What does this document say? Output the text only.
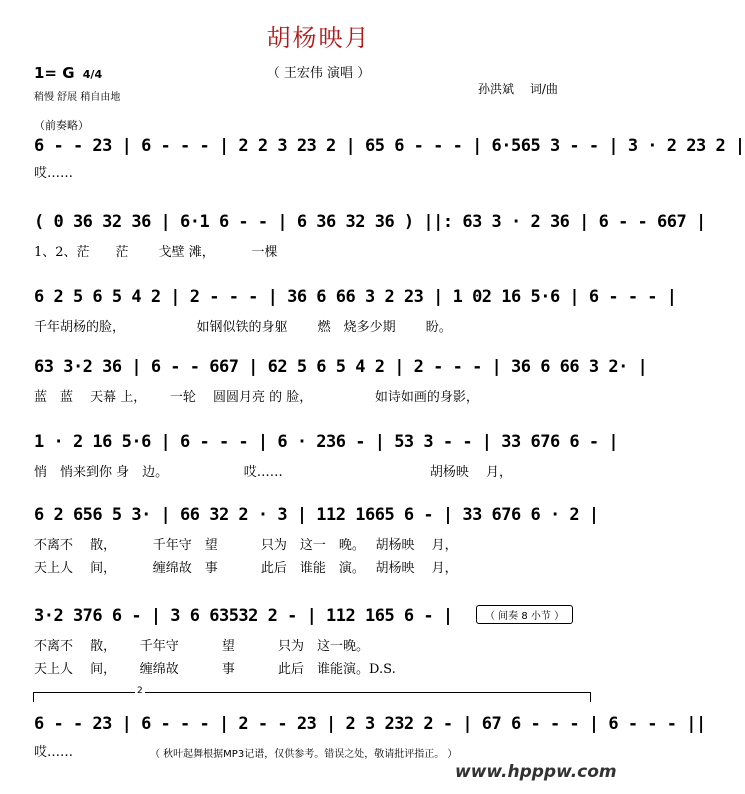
胡杨映月
（ 王宏伟 演唱 ）
1= G 4/4
稍慢 舒展 稍自由地
孙洪斌　 词/曲
（前奏略）
6 - - 23 | 6 - - - | 2 2 3 23 2 | 65 6 - - - | 6·565 3 - - | 3 · 2 23 2 |
哎……
( 0 36 32 36 | 6·1 6 - - | 6 36 32 36 ) ||: 63 3 · 2 36 | 6 - - 667 |
1、2、茫　　茫　　 戈壁 滩，　　　 一棵
6 2 5 6 5 4 2 | 2 - - - | 36 6 66 3 2 23 | 1 02 16 5·6 | 6 - - - |
千年胡杨的脸，　　　　　　如钢似铁的身躯　　 燃　烧多少期　　 盼。
63 3·2 36 | 6 - - 667 | 62 5 6 5 4 2 | 2 - - - | 36 6 66 3 2· |
蓝　蓝　 天幕 上，　　 一轮　 圆圆月亮 的 脸，　　　　　 如诗如画的身影，
1 · 2 16 5·6 | 6 - - - | 6 · 236 - | 53 3 - - | 33 676 6 - |
悄　悄来到你 身　边。　　　　　　 哎……　　　　　　　　　　　 胡杨映　 月，
6 2 656 5 3· | 66 32 2 · 3 | 112 1665 6 - | 33 676 6 · 2 |
不离不　 散，　　　 千年守　望　　　 只为　这一　晚。　 胡杨映　 月，
天上人　 间，　　　 缠绵故　事　　　 此后　谁能　演。　 胡杨映　 月，
3·2 376 6 - | 3 6 63532 2 - | 112 165 6 - |
不离不　 散，　　 千年守　　　 望　　　 只为　这一晚。
天上人　 间，　　 缠绵故　　　 事　　　 此后　谁能演。D.S.
6 - - 23 | 6 - - - | 2 - - 23 | 2 3 232 2 - | 67 6 - - - | 6 - - - ||
哎……
（ 间奏 8 小节 ）
2
（ 秋叶起舞根据MP3记谱，仅供参考。错误之处，敬请批评指正。 ）
www.hpppw.com
